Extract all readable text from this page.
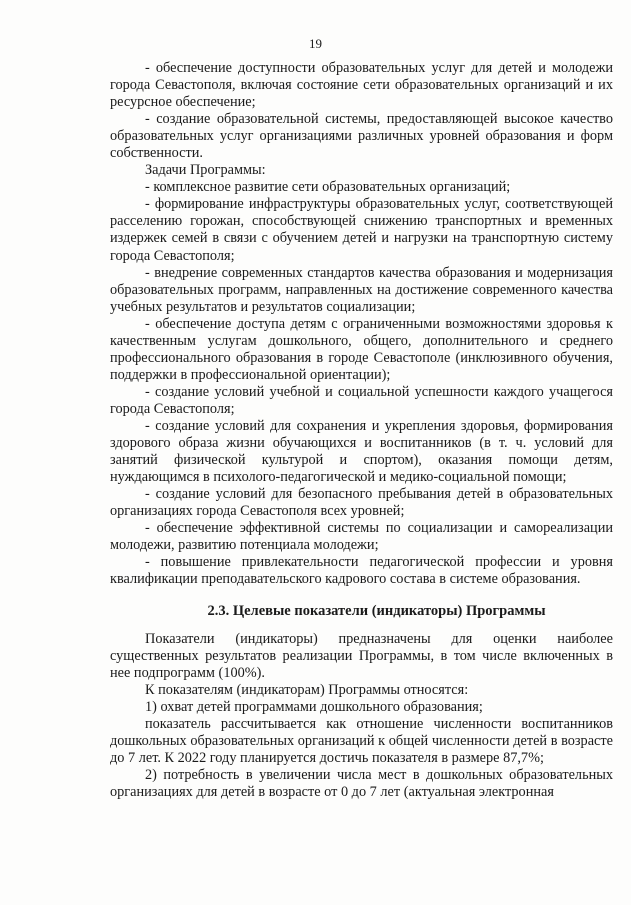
19

- обеспечение доступности образовательных услуг для детей и молодежи города Севастополя, включая состояние сети образовательных организаций и их ресурсное обеспечение;

- создание образовательной системы, предоставляющей высокое качество образовательных услуг организациями различных уровней образования и форм собственности.

Задачи Программы:

- комплексное развитие сети образовательных организаций;

- формирование инфраструктуры образовательных услуг, соответствующей расселению горожан, способствующей снижению транспортных и временных издержек семей в связи с обучением детей и нагрузки на транспортную систему города Севастополя;

- внедрение современных стандартов качества образования и модернизация образовательных программ, направленных на достижение современного качества учебных результатов и результатов социализации;

- обеспечение доступа детям с ограниченными возможностями здоровья к качественным услугам дошкольного, общего, дополнительного и среднего профессионального образования в городе Севастополе (инклюзивного обучения, поддержки в профессиональной ориентации);

- создание условий учебной и социальной успешности каждого учащегося города Севастополя;

- создание условий для сохранения и укрепления здоровья, формирования здорового образа жизни обучающихся и воспитанников (в т. ч. условий для занятий физической культурой и спортом), оказания помощи детям, нуждающимся в психолого-педагогической и медико-социальной помощи;

- создание условий для безопасного пребывания детей в образовательных организациях города Севастополя всех уровней;

- обеспечение эффективной системы по социализации и самореализации молодежи, развитию потенциала молодежи;

- повышение привлекательности педагогической профессии и уровня квалификации преподавательского кадрового состава в системе образования.

2.3. Целевые показатели (индикаторы) Программы

Показатели (индикаторы) предназначены для оценки наиболее существенных результатов реализации Программы, в том числе включенных в нее подпрограмм (100%).

К показателям (индикаторам) Программы относятся:

1) охват детей программами дошкольного образования;

показатель рассчитывается как отношение численности воспитанников дошкольных образовательных организаций к общей численности детей в возрасте до 7 лет. К 2022 году планируется достичь показателя в размере 87,7%;

2) потребность в увеличении числа мест в дошкольных образовательных организациях для детей в возрасте от 0 до 7 лет (актуальная электронная
